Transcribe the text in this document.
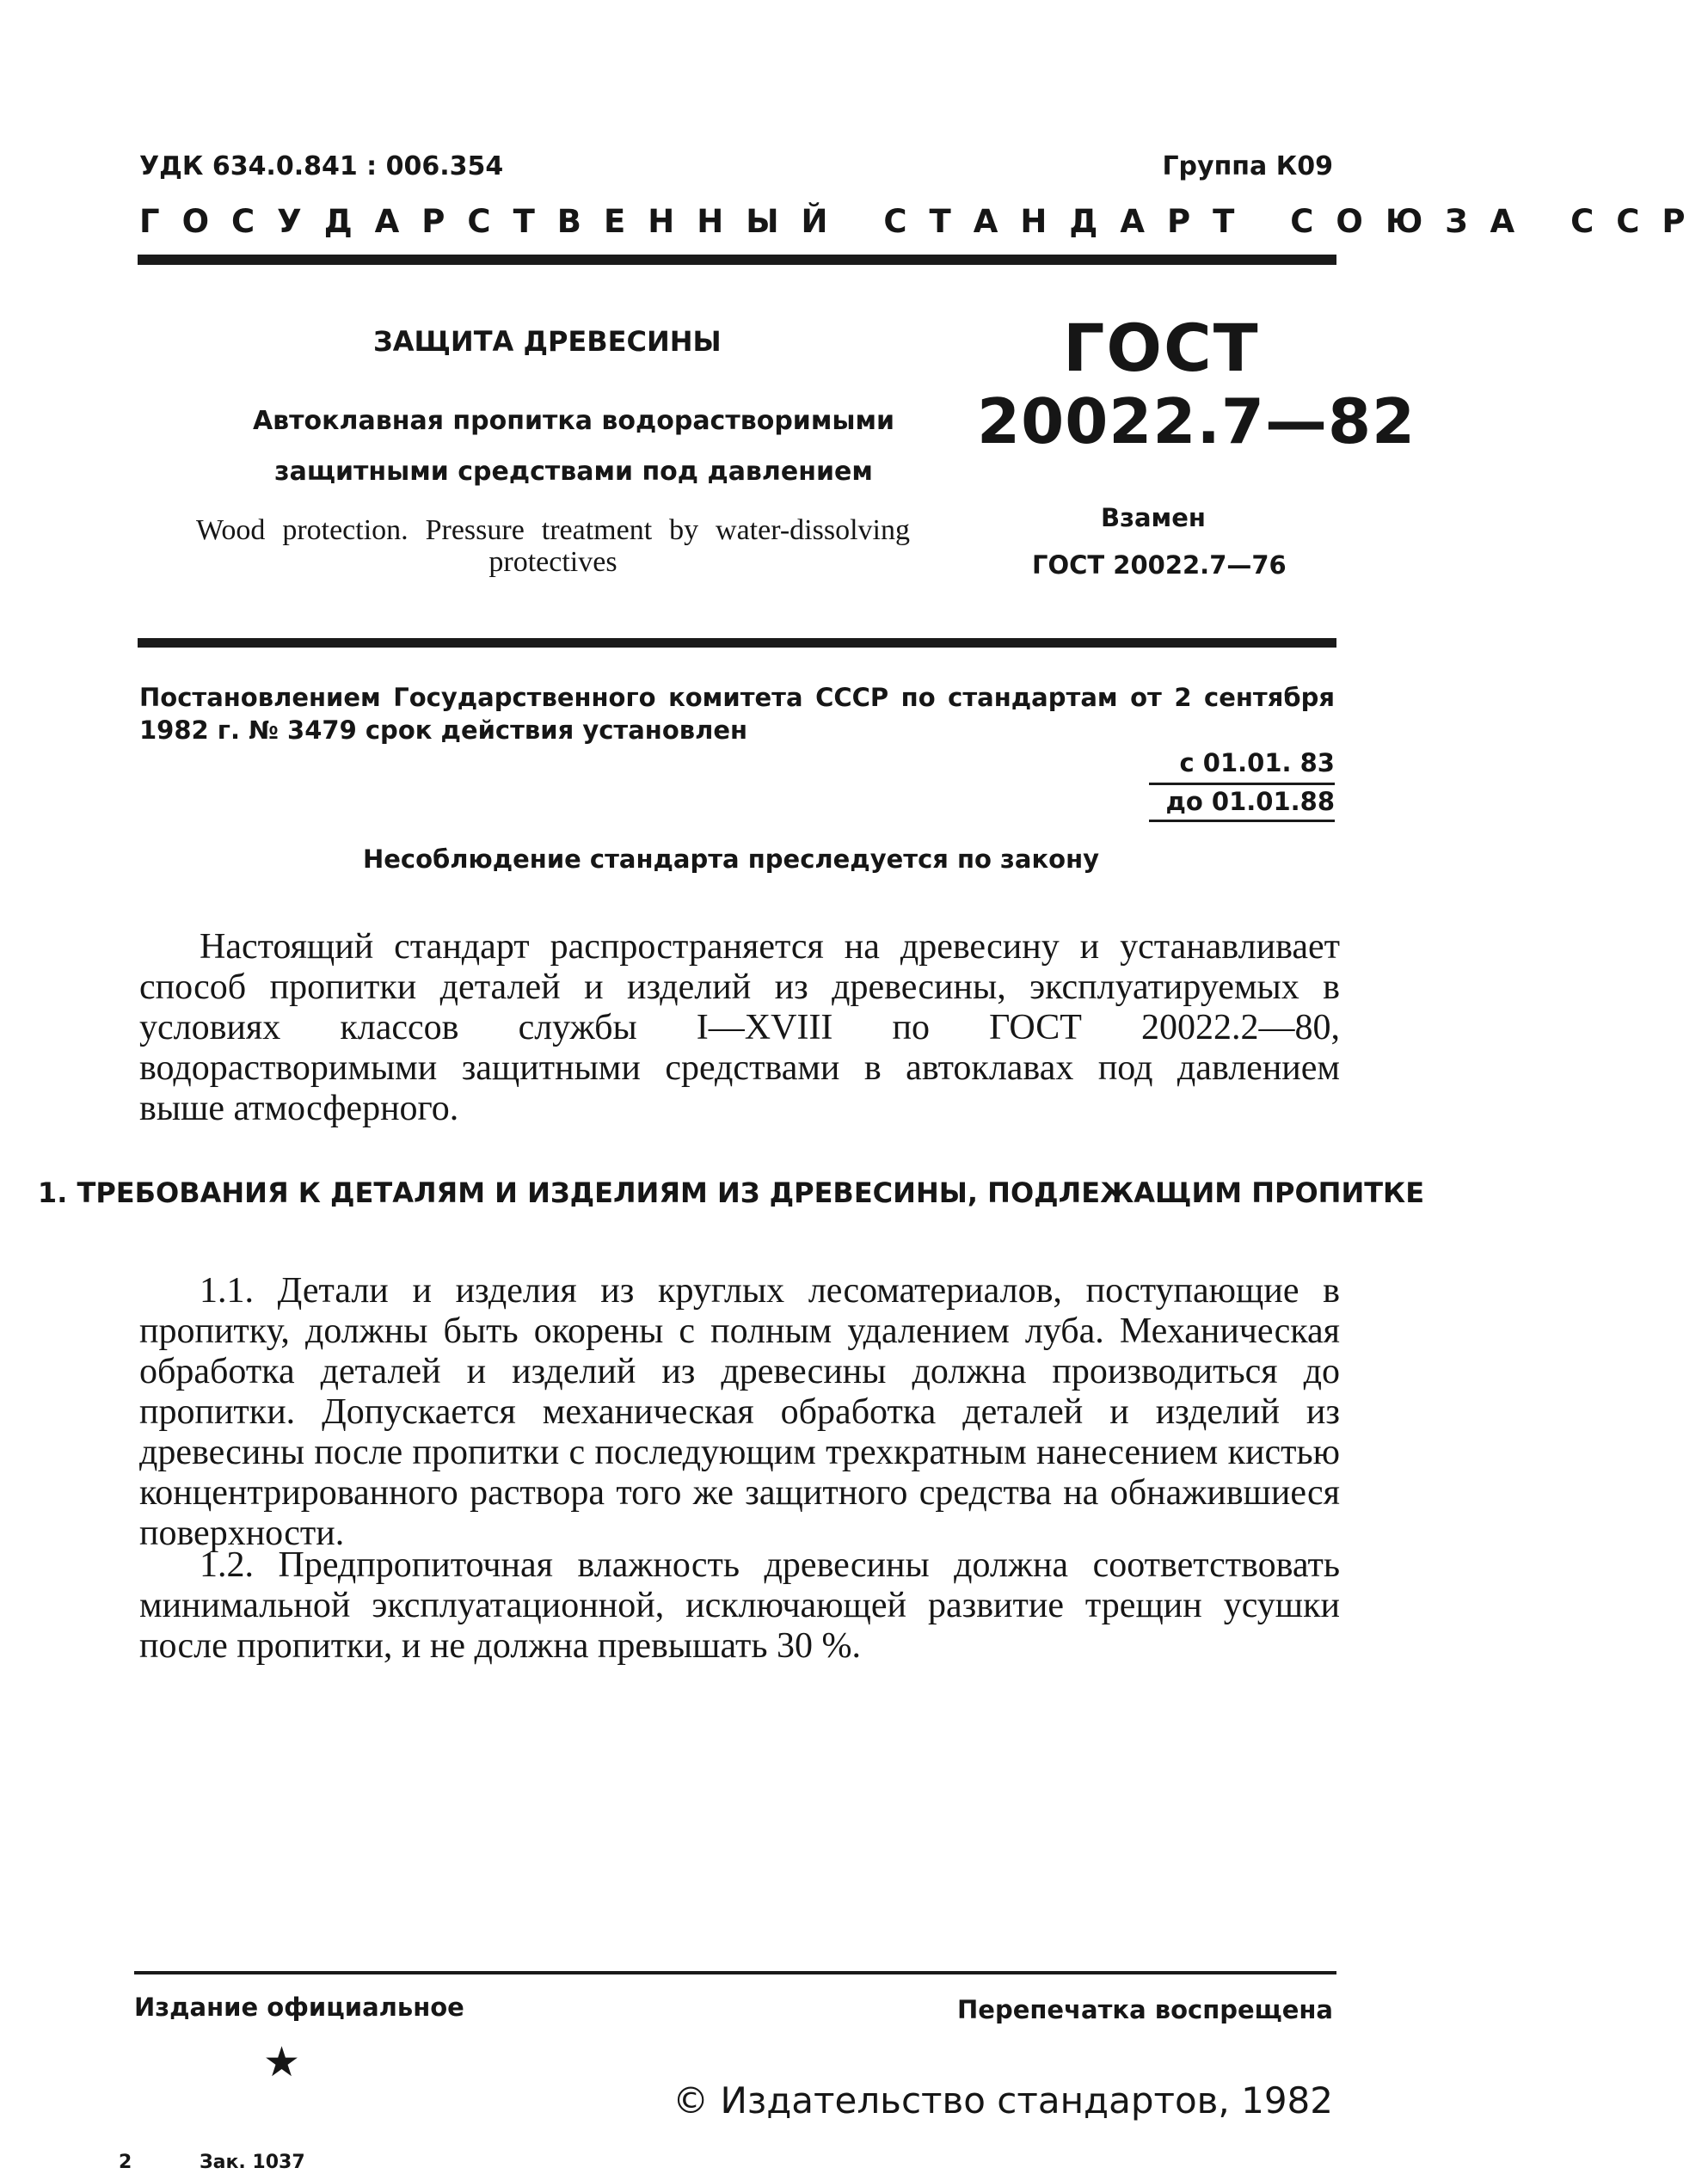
УДК 634.0.841 : 006.354	Группа К09
ГОСУДАРСТВЕННЫЙ СТАНДАРТ СОЮЗА ССР
ЗАЩИТА ДРЕВЕСИНЫ
Автоклавная пропитка водорастворимыми защитными средствами под давлением
Wood protection. Pressure treatment by water-dissolving protectives
ГОСТ
20022.7—82
Взамен
ГОСТ 20022.7—76
Постановлением Государственного комитета СССР по стандартам от 2 сентября 1982 г. № 3479 срок действия установлен
с 01.01. 83
до 01.01.88
Несоблюдение стандарта преследуется по закону
Настоящий стандарт распространяется на древесину и устанавливает способ пропитки деталей и изделий из древесины, эксплуатируемых в условиях классов службы I—XVIII по ГОСТ 20022.2—80, водорастворимыми защитными средствами в автоклавах под давлением выше атмосферного.
1. ТРЕБОВАНИЯ К ДЕТАЛЯМ И ИЗДЕЛИЯМ ИЗ ДРЕВЕСИНЫ, ПОДЛЕЖАЩИМ ПРОПИТКЕ
1.1. Детали и изделия из круглых лесоматериалов, поступающие в пропитку, должны быть окорены с полным удалением луба. Механическая обработка деталей и изделий из древесины должна производиться до пропитки. Допускается механическая обработка деталей и изделий из древесины после пропитки с последующим трехкратным нанесением кистью концентрированного раствора того же защитного средства на обнажившиеся поверхности.
1.2. Предпропиточная влажность древесины должна соответствовать минимальной эксплуатационной, исключающей развитие трещин усушки после пропитки, и не должна превышать 30 %.
Издание официальное	Перепечатка воспрещена
★
© Издательство стандартов, 1982
2	Зак. 1037
